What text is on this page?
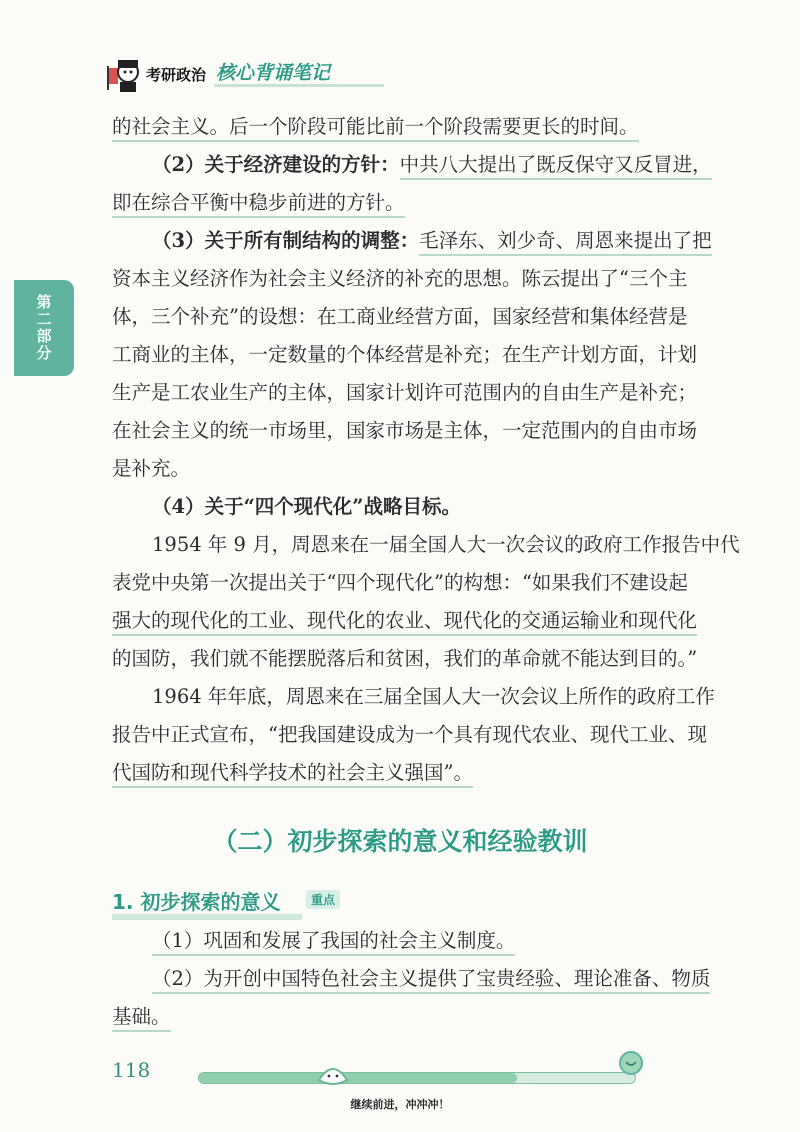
考研政治 核心背诵笔记
第二部分
的社会主义。后一个阶段可能比前一个阶段需要更长的时间。
（2）关于经济建设的方针：中共八大提出了既反保守又反冒进，
即在综合平衡中稳步前进的方针。
（3）关于所有制结构的调整：毛泽东、刘少奇、周恩来提出了把
资本主义经济作为社会主义经济的补充的思想。陈云提出了“三个主
体，三个补充”的设想：在工商业经营方面，国家经营和集体经营是
工商业的主体，一定数量的个体经营是补充；在生产计划方面，计划
生产是工农业生产的主体，国家计划许可范围内的自由生产是补充；
在社会主义的统一市场里，国家市场是主体，一定范围内的自由市场
是补充。
（4）关于“四个现代化”战略目标。
1954 年 9 月，周恩来在一届全国人大一次会议的政府工作报告中代
表党中央第一次提出关于“四个现代化”的构想：“如果我们不建设起
强大的现代化的工业、现代化的农业、现代化的交通运输业和现代化
的国防，我们就不能摆脱落后和贫困，我们的革命就不能达到目的。”
1964 年年底，周恩来在三届全国人大一次会议上所作的政府工作
报告中正式宣布，“把我国建设成为一个具有现代农业、现代工业、现
代国防和现代科学技术的社会主义强国”。
（二）初步探索的意义和经验教训
1. 初步探索的意义	重点
（1）巩固和发展了我国的社会主义制度。
（2）为开创中国特色社会主义提供了宝贵经验、理论准备、物质
基础。
118
继续前进，冲冲冲！
